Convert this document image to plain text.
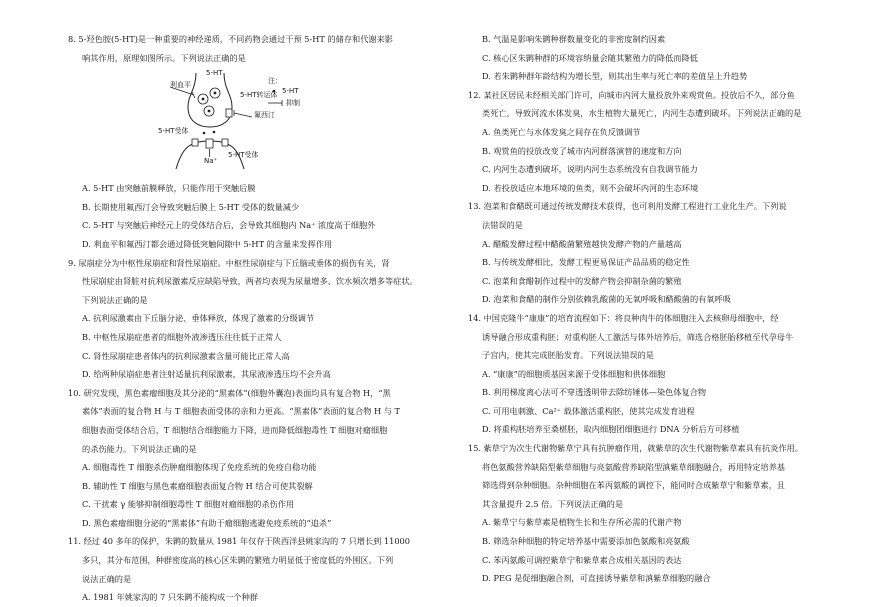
8. 5-羟色胺(5-HT)是一种重要的神经递质，不同药物会通过干预 5-HT 的储存和代谢来影
响其作用，原理如图所示。下列说法正确的是
利血平
5-HT
5-HT转运体
氟西汀
5-HT受体
5-HT受体
Na⁺
注：
5-HT
抑制
A. 5-HT 由突触前膜释放，只能作用于突触后膜
B. 长期使用氟西汀会导致突触后膜上 5-HT 受体的数量减少
C. 5-HT 与突触后神经元上的受体结合后，会导致其细胞内 Na⁺ 浓度高于细胞外
D. 利血平和氟西汀都会通过降低突触间隙中 5-HT 的含量来发挥作用
9. 尿崩症分为中枢性尿崩症和肾性尿崩症。中枢性尿崩症与下丘脑或垂体的损伤有关，肾
性尿崩症由肾脏对抗利尿激素反应缺陷导致，两者均表现为尿量增多、饮水频次增多等症状。
下列说法正确的是
A. 抗利尿激素由下丘脑分泌、垂体释放，体现了激素的分级调节
B. 中枢性尿崩症患者的细胞外液渗透压往往低于正常人
C. 肾性尿崩症患者体内的抗利尿激素含量可能比正常人高
D. 给两种尿崩症患者注射适量抗利尿激素，其尿液渗透压均不会升高
10. 研究发现，黑色素瘤细胞及其分泌的“黑素体”(细胞外囊泡)表面均具有复合物 H，“黑
素体”表面的复合物 H 与 T 细胞表面受体的亲和力更高。“黑素体”表面的复合物 H 与 T
细胞表面受体结合后，T 细胞结合细胞能力下降，进而降低细胞毒性 T 细胞对瘤细胞
的杀伤能力。下列说法正确的是
A. 细胞毒性 T 细胞杀伤肿瘤细胞体现了免疫系统的免疫自稳功能
B. 辅助性 T 细胞与黑色素瘤细胞表面复合物 H 结合可使其裂解
C. 干扰素 γ 能够抑制细胞毒性 T 细胞对瘤细胞的杀伤作用
D. 黑色素瘤细胞分泌的“黑素体”有助于瘤细胞逃避免疫系统的“追杀”
11. 经过 40 多年的保护，朱鹮的数量从 1981 年仅存于陕西洋县姚家沟的 7 只增长到 11000
多只，其分布范围，种群密度高的核心区朱鹮的繁殖力明显低于密度低的外围区。下列
说法正确的是
A. 1981 年姚家沟的 7 只朱鹮不能构成一个种群
B. 气温是影响朱鹮种群数量变化的非密度制约因素
C. 核心区朱鹮种群的环境容纳量会随其繁殖力的降低而降低
D. 若朱鹮种群年龄结构为增长型，则其出生率与死亡率的差值呈上升趋势
12. 某社区居民未经相关部门许可，向城市内河大量投放外来观赏鱼。投放后不久，部分鱼
类死亡，导致河流水体发臭，水生植物大量死亡，内河生态遭到破坏。下列说法正确的是
A. 鱼类死亡与水体发臭之间存在负反馈调节
B. 观赏鱼的投放改变了城市内河群落演替的速度和方向
C. 内河生态遭到破坏，说明内河生态系统没有自我调节能力
D. 若投放适应本地环境的鱼类，则不会破坏内河的生态环境
13. 泡菜和食醋既可通过传统发酵技术获得，也可利用发酵工程进行工业化生产。下列说
法错误的是
A. 醋酸发酵过程中醋酸菌繁殖越快发酵产物的产量越高
B. 与传统发酵相比，发酵工程更易保证产品品质的稳定性
C. 泡菜和食醋制作过程中的发酵产物会抑制杂菌的繁殖
D. 泡菜和食醋的制作分别依赖乳酸菌的无氧呼吸和醋酸菌的有氧呼吸
14. 中国克隆牛“康康”的培育流程如下：将良种肉牛的体细胞注入去核卵母细胞中，经
诱导融合形成重构胚；对重构胚人工激活与体外培养后，筛选合格胚胎移植至代孕母牛
子宫内，使其完成胚胎发育。下列说法错误的是
A. “康康”的细胞质基因来源于受体细胞和供体细胞
B. 利用梯度离心法可不穿透透明带去除纺锤体—染色体复合物
C. 可用电刺激、Ca²⁺ 载体激活重构胚，使其完成发育进程
D. 将重构胚培养至桑椹胚，取内细胞团细胞进行 DNA 分析后方可移植
15. 紫草宁为次生代谢物紫草宁具有抗肿瘤作用，就紫草的次生代谢物紫草素具有抗炎作用。
将色氨酸营养缺陷型紫草细胞与亮氨酸营养缺陷型滇紫草细胞融合，再用特定培养基
筛选得到杂种细胞。杂种细胞在苯丙氨酸的调控下，能同时合成紫草宁和紫草素，且
其含量提升 2.5 倍。下列说法正确的是
A. 紫草宁与紫草素是植物生长和生存所必需的代谢产物
B. 筛选杂种细胞的特定培养基中需要添加色氨酸和亮氨酸
C. 苯丙氨酸可调控紫草宁和紫草素合成相关基因的表达
D. PEG 是促细胞融合剂，可直接诱导紫草和滇紫草细胞的融合
